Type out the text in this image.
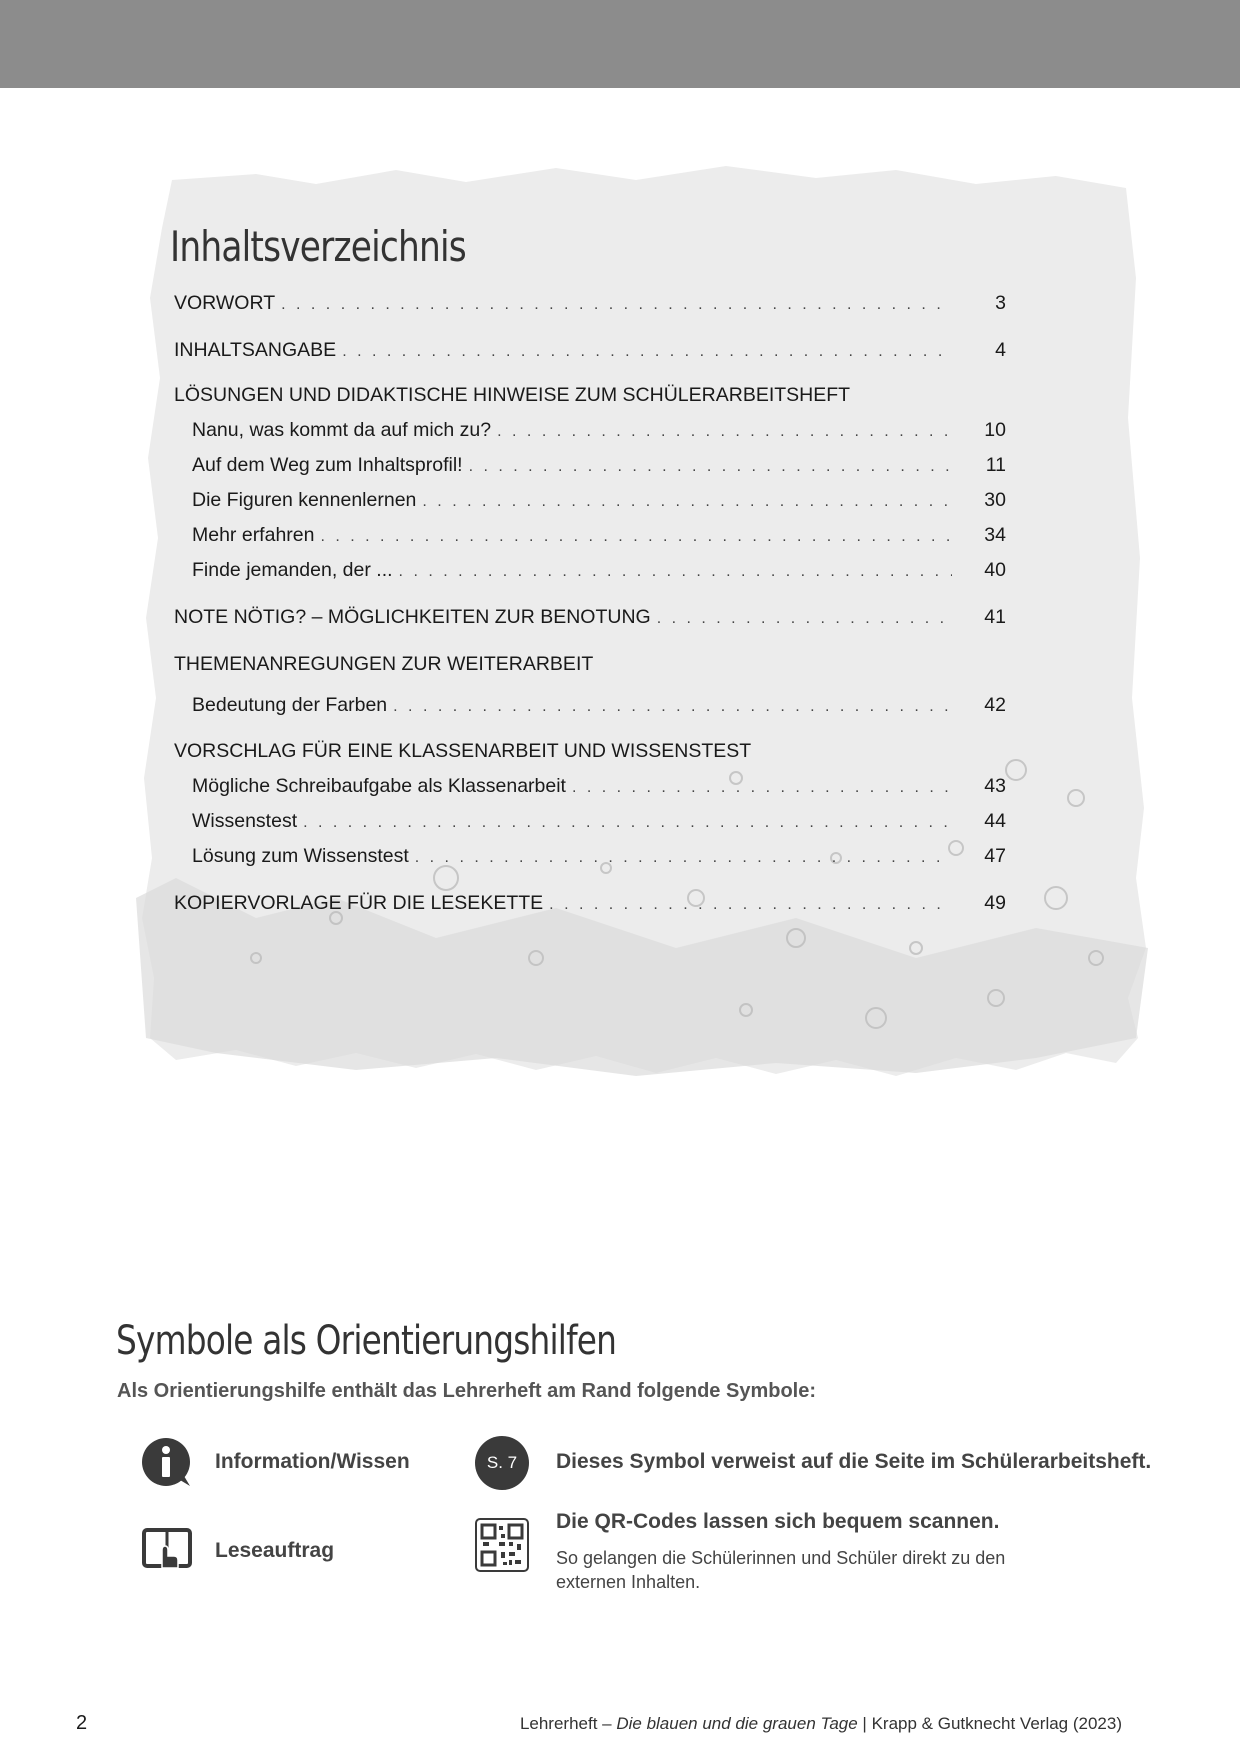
Inhaltsverzeichnis
VORWORT . . .	3
INHALTSANGABE . . .	4
LÖSUNGEN UND DIDAKTISCHE HINWEISE ZUM SCHÜLERARBEITSHEFT
Nanu, was kommt da auf mich zu? . . .	10
Auf dem Weg zum Inhaltsprofil! . . .	11
Die Figuren kennenlernen . . .	30
Mehr erfahren . . .	34
Finde jemanden, der ... . . .	40
NOTE NÖTIG? – MÖGLICHKEITEN ZUR BENOTUNG . . .	41
THEMENANREGUNGEN ZUR WEITERARBEIT
Bedeutung der Farben . . .	42
VORSCHLAG FÜR EINE KLASSENARBEIT UND WISSENSTEST
Mögliche Schreibaufgabe als Klassenarbeit . . .	43
Wissenstest . . .	44
Lösung zum Wissenstest . . .	47
KOPIERVORLAGE FÜR DIE LESEKETTE . . .	49
Symbole als Orientierungshilfen
Als Orientierungshilfe enthält das Lehrerheft am Rand folgende Symbole:
Information/Wissen
Leseauftrag
S. 7	Dieses Symbol verweist auf die Seite im Schülerarbeitsheft.
Die QR-Codes lassen sich bequem scannen.
So gelangen die Schülerinnen und Schüler direkt zu den externen Inhalten.
2	Lehrerheft – Die blauen und die grauen Tage | Krapp & Gutknecht Verlag (2023)
